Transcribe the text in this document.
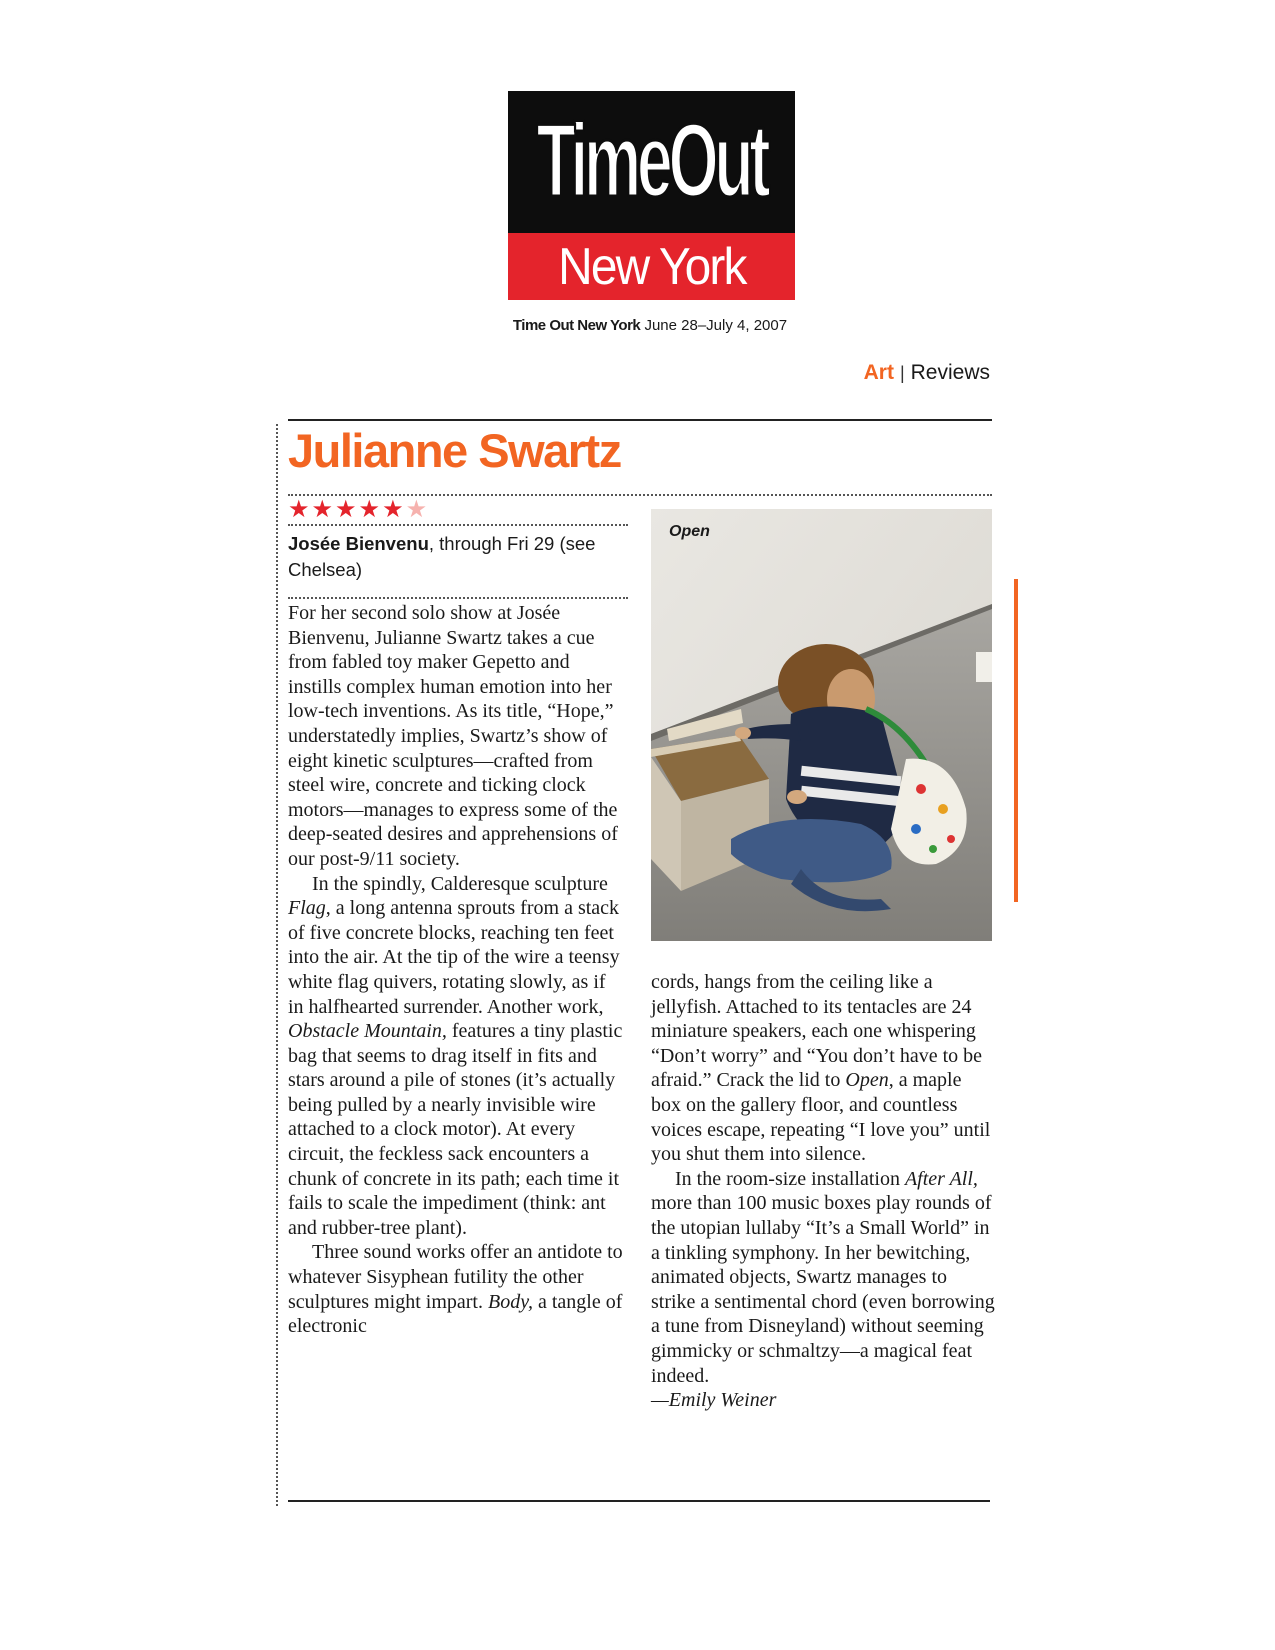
TimeOut
New York
Time Out New York June 28–July 4, 2007
Art | Reviews
Julianne Swartz
★★★★★★
Josée Bienvenu, through Fri 29 (see Chelsea)

For her second solo show at Josée Bienvenu, Julianne Swartz takes a cue from fabled toy maker Gepetto and instills complex human emotion into her low-tech inventions. As its title, “Hope,” understatedly implies, Swartz’s show of eight kinetic sculptures—crafted from steel wire, concrete and ticking clock motors—manages to express some of the deep-seated desires and apprehensions of our post-9/11 society.

In the spindly, Calderesque sculpture Flag, a long antenna sprouts from a stack of five concrete blocks, reaching ten feet into the air. At the tip of the wire a teensy white flag quivers, rotating slowly, as if in halfhearted surrender. Another work, Obstacle Mountain, features a tiny plastic bag that seems to drag itself in fits and stars around a pile of stones (it’s actually being pulled by a nearly invisible wire attached to a clock motor). At every circuit, the feckless sack encounters a chunk of concrete in its path; each time it fails to scale the impediment (think: ant and rubber-tree plant).

Three sound works offer an antidote to whatever Sisyphean futility the other sculptures might impart. Body, a tangle of electronic

Open

cords, hangs from the ceiling like a jellyfish. Attached to its tentacles are 24 miniature speakers, each one whispering “Don’t worry” and “You don’t have to be afraid.” Crack the lid to Open, a maple box on the gallery floor, and countless voices escape, repeating “I love you” until you shut them into silence.

In the room-size installation After All, more than 100 music boxes play rounds of the utopian lullaby “It’s a Small World” in a tinkling symphony. In her bewitching, animated objects, Swartz manages to strike a sentimental chord (even borrowing a tune from Disneyland) without seeming gimmicky or schmaltzy—a magical feat indeed.

—Emily Weiner
